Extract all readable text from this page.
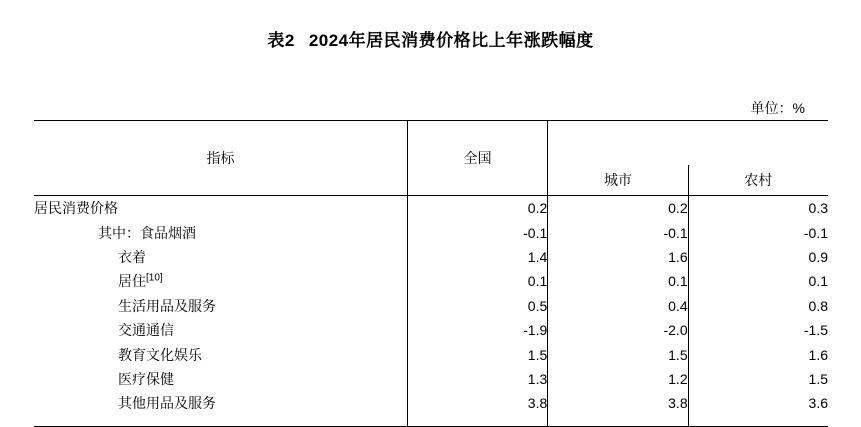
表2 2024年居民消费价格比上年涨跌幅度
单位：%
指标	全国		
		城市	农村
居民消费价格	0.2	0.2	0.3
其中：食品烟酒	-0.1	-0.1	-0.1
衣着	1.4	1.6	0.9
居住[10]	0.1	0.1	0.1
生活用品及服务	0.5	0.4	0.8
交通通信	-1.9	-2.0	-1.5
教育文化娱乐	1.5	1.5	1.6
医疗保健	1.3	1.2	1.5
其他用品及服务	3.8	3.8	3.6
